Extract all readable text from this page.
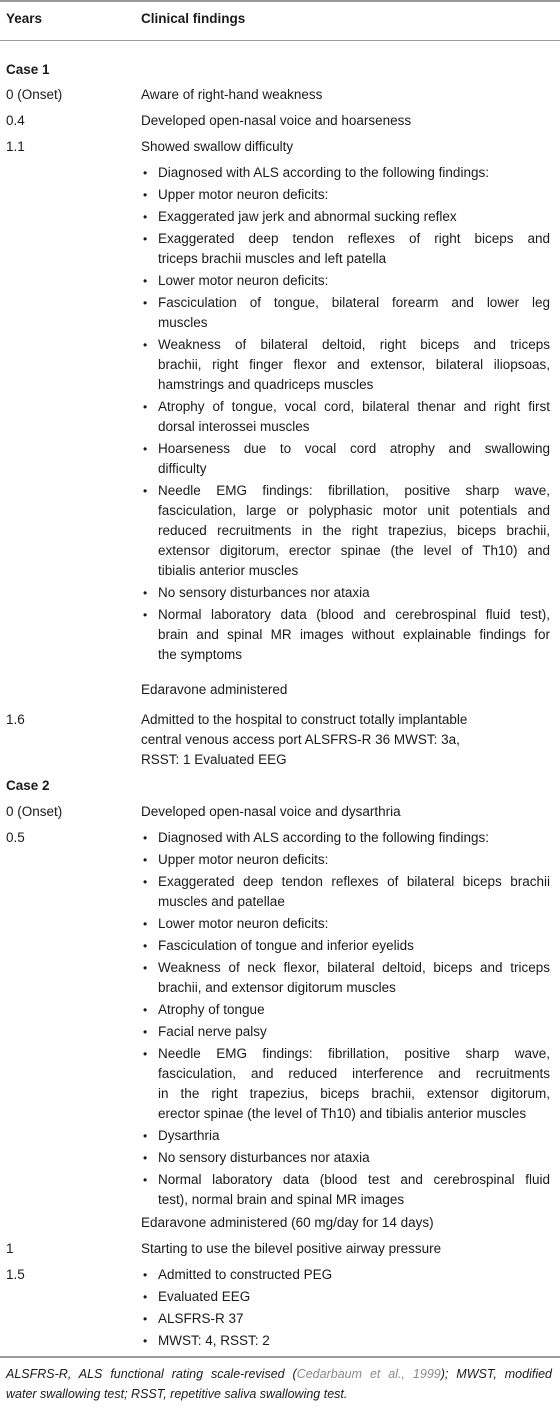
Years	Clinical findings
Case 1
0 (Onset)	Aware of right-hand weakness
0.4	Developed open-nasal voice and hoarseness
1.1	Showed swallow difficulty
• Diagnosed with ALS according to the following findings:
• Upper motor neuron deficits:
• Exaggerated jaw jerk and abnormal sucking reflex
• Exaggerated deep tendon reflexes of right biceps and
triceps brachii muscles and left patella
• Lower motor neuron deficits:
• Fasciculation of tongue, bilateral forearm and lower leg
muscles
• Weakness of bilateral deltoid, right biceps and triceps
brachii, right finger flexor and extensor, bilateral iliopsoas,
hamstrings and quadriceps muscles
• Atrophy of tongue, vocal cord, bilateral thenar and right first
dorsal interossei muscles
• Hoarseness due to vocal cord atrophy and swallowing
difficulty
• Needle EMG findings: fibrillation, positive sharp wave,
fasciculation, large or polyphasic motor unit potentials and
reduced recruitments in the right trapezius, biceps brachii,
extensor digitorum, erector spinae (the level of Th10) and
tibialis anterior muscles
• No sensory disturbances nor ataxia
• Normal laboratory data (blood and cerebrospinal fluid test),
brain and spinal MR images without explainable findings for
the symptoms
Edaravone administered
1.6	Admitted to the hospital to construct totally implantable
central venous access port ALSFRS-R 36 MWST: 3a,
RSST: 1 Evaluated EEG
Case 2
0 (Onset)	Developed open-nasal voice and dysarthria
0.5	• Diagnosed with ALS according to the following findings:
• Upper motor neuron deficits:
• Exaggerated deep tendon reflexes of bilateral biceps brachii
muscles and patellae
• Lower motor neuron deficits:
• Fasciculation of tongue and inferior eyelids
• Weakness of neck flexor, bilateral deltoid, biceps and triceps
brachii, and extensor digitorum muscles
• Atrophy of tongue
• Facial nerve palsy
• Needle EMG findings: fibrillation, positive sharp wave,
fasciculation, and reduced interference and recruitments
in the right trapezius, biceps brachii, extensor digitorum,
erector spinae (the level of Th10) and tibialis anterior muscles
• Dysarthria
• No sensory disturbances nor ataxia
• Normal laboratory data (blood test and cerebrospinal fluid
test), normal brain and spinal MR images
Edaravone administered (60 mg/day for 14 days)
1	Starting to use the bilevel positive airway pressure
1.5	• Admitted to constructed PEG
• Evaluated EEG
• ALSFRS-R 37
• MWST: 4, RSST: 2
ALSFRS-R, ALS functional rating scale-revised (Cedarbaum et al., 1999); MWST, modified
water swallowing test; RSST, repetitive saliva swallowing test.
